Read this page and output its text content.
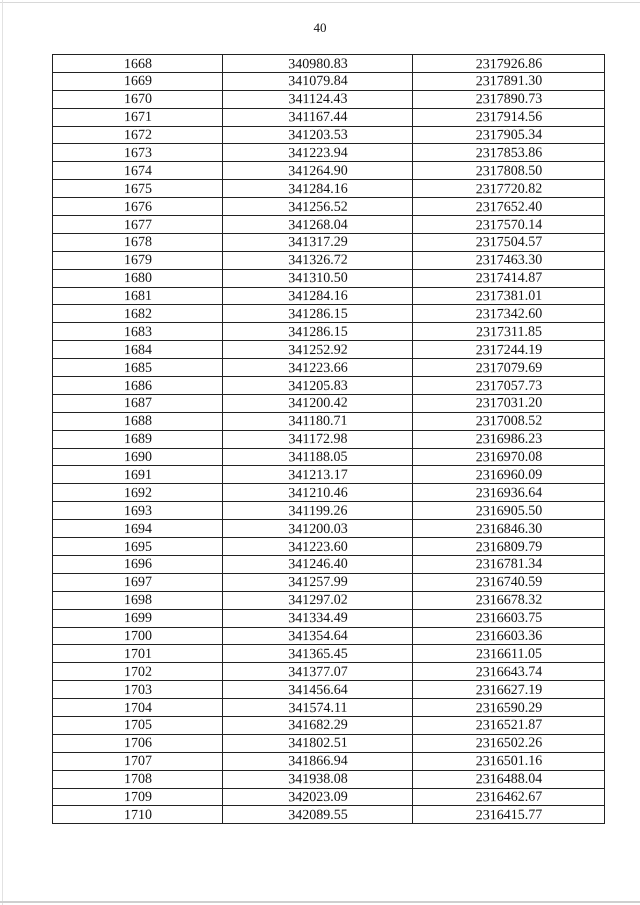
40
1668	340980.83	2317926.86
1669	341079.84	2317891.30
1670	341124.43	2317890.73
1671	341167.44	2317914.56
1672	341203.53	2317905.34
1673	341223.94	2317853.86
1674	341264.90	2317808.50
1675	341284.16	2317720.82
1676	341256.52	2317652.40
1677	341268.04	2317570.14
1678	341317.29	2317504.57
1679	341326.72	2317463.30
1680	341310.50	2317414.87
1681	341284.16	2317381.01
1682	341286.15	2317342.60
1683	341286.15	2317311.85
1684	341252.92	2317244.19
1685	341223.66	2317079.69
1686	341205.83	2317057.73
1687	341200.42	2317031.20
1688	341180.71	2317008.52
1689	341172.98	2316986.23
1690	341188.05	2316970.08
1691	341213.17	2316960.09
1692	341210.46	2316936.64
1693	341199.26	2316905.50
1694	341200.03	2316846.30
1695	341223.60	2316809.79
1696	341246.40	2316781.34
1697	341257.99	2316740.59
1698	341297.02	2316678.32
1699	341334.49	2316603.75
1700	341354.64	2316603.36
1701	341365.45	2316611.05
1702	341377.07	2316643.74
1703	341456.64	2316627.19
1704	341574.11	2316590.29
1705	341682.29	2316521.87
1706	341802.51	2316502.26
1707	341866.94	2316501.16
1708	341938.08	2316488.04
1709	342023.09	2316462.67
1710	342089.55	2316415.77
